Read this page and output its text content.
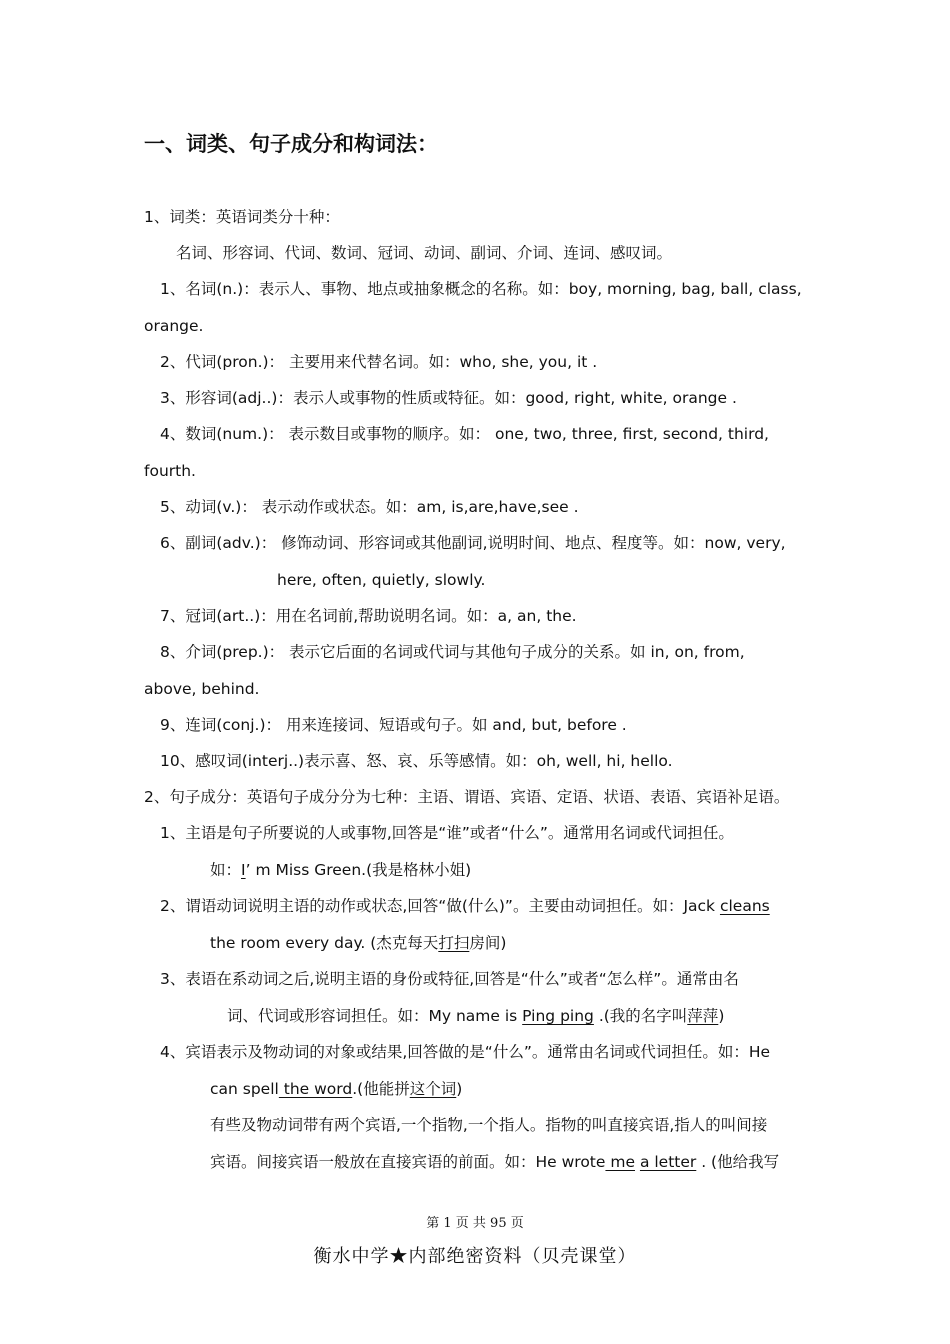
一、词类、句子成分和构词法：
1、词类：英语词类分十种：
名词、形容词、代词、数词、冠词、动词、副词、介词、连词、感叹词。
1、名词(n.)：表示人、事物、地点或抽象概念的名称。如：boy, morning, bag, ball, class,
orange.
2、代词(pron.)： 主要用来代替名词。如：who, she, you, it .
3、形容词(adj..)：表示人或事物的性质或特征。如：good, right, white, orange .
4、数词(num.)： 表示数目或事物的顺序。如： one, two, three, first, second, third,
fourth.
5、动词(v.)： 表示动作或状态。如：am, is,are,have,see .
6、副词(adv.)： 修饰动词、形容词或其他副词,说明时间、地点、程度等。如：now, very,
here, often, quietly, slowly.
7、冠词(art..)：用在名词前,帮助说明名词。如：a, an, the.
8、介词(prep.)： 表示它后面的名词或代词与其他句子成分的关系。如 in, on, from,
above, behind.
9、连词(conj.)： 用来连接词、短语或句子。如 and, but, before .
10、感叹词(interj..)表示喜、怒、哀、乐等感情。如：oh, well, hi, hello.
2、句子成分：英语句子成分分为七种：主语、谓语、宾语、定语、状语、表语、宾语补足语。
1、主语是句子所要说的人或事物,回答是“谁”或者“什么”。通常用名词或代词担任。
如：I’ m Miss Green.(我是格林小姐)
2、谓语动词说明主语的动作或状态,回答“做(什么)”。主要由动词担任。如：Jack cleans
the room every day. (杰克每天打扫房间)
3、表语在系动词之后,说明主语的身份或特征,回答是“什么”或者“怎么样”。通常由名
词、代词或形容词担任。如：My name is Ping ping .(我的名字叫萍萍)
4、宾语表示及物动词的对象或结果,回答做的是“什么”。通常由名词或代词担任。如：He
can spell the word.(他能拼这个词)
有些及物动词带有两个宾语,一个指物,一个指人。指物的叫直接宾语,指人的叫间接
宾语。间接宾语一般放在直接宾语的前面。如：He wrote me a letter . (他给我写
第 1 页 共 95 页
衡水中学★内部绝密资料（贝壳课堂）
